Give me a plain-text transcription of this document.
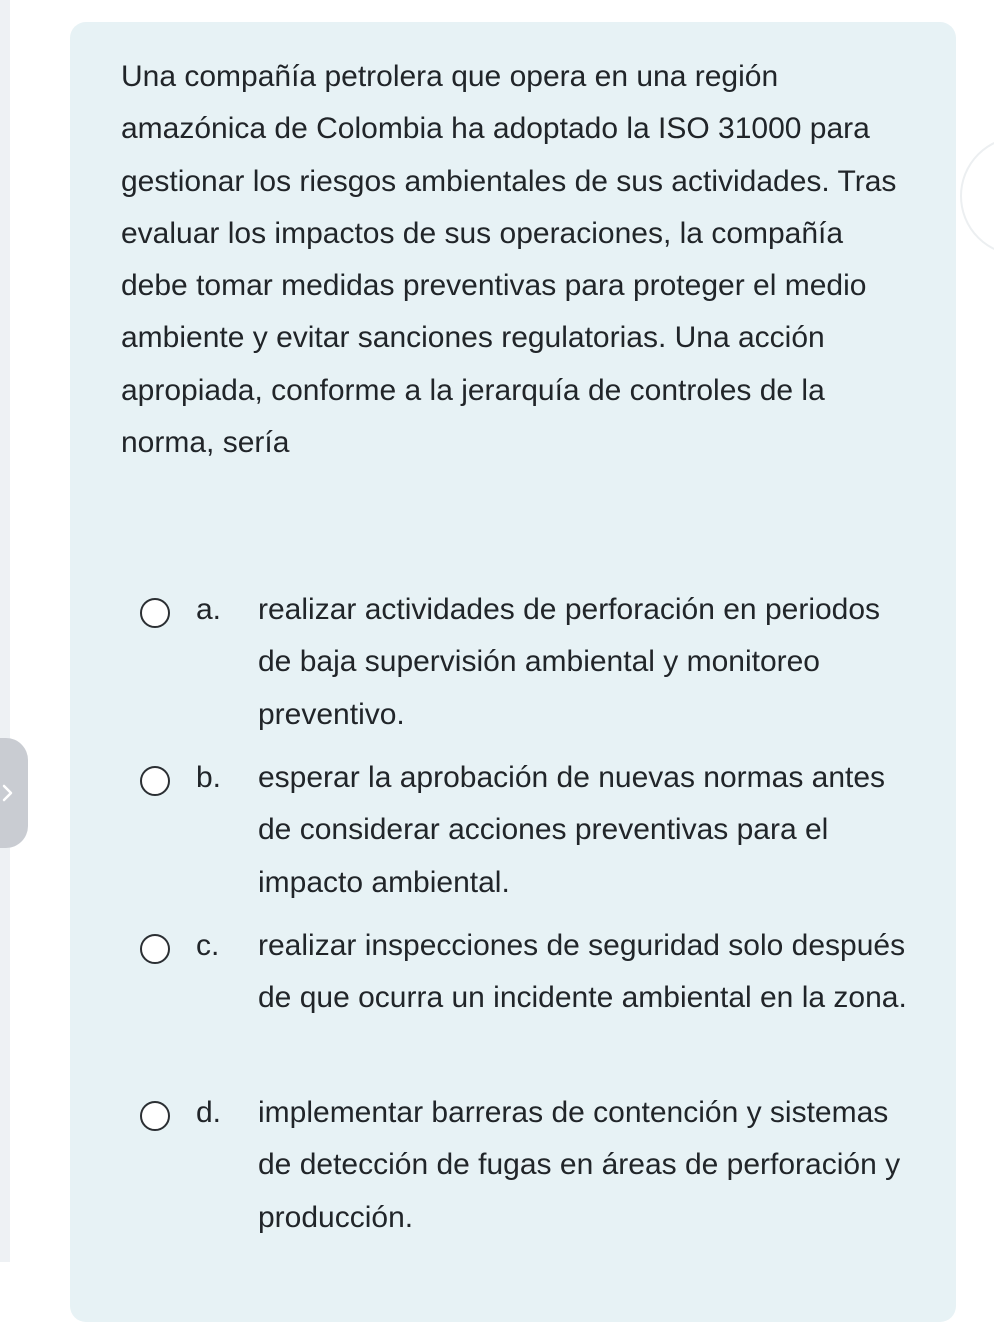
Una compañía petrolera que opera en una región amazónica de Colombia ha adoptado la ISO 31000 para gestionar los riesgos ambientales de sus actividades. Tras evaluar los impactos de sus operaciones, la compañía debe tomar medidas preventivas para proteger el medio ambiente y evitar sanciones regulatorias. Una acción apropiada, conforme a la jerarquía de controles de la norma, sería

a. realizar actividades de perforación en periodos de baja supervisión ambiental y monitoreo preventivo.
b. esperar la aprobación de nuevas normas antes de considerar acciones preventivas para el impacto ambiental.
c. realizar inspecciones de seguridad solo después de que ocurra un incidente ambiental en la zona.
d. implementar barreras de contención y sistemas de detección de fugas en áreas de perforación y producción.
